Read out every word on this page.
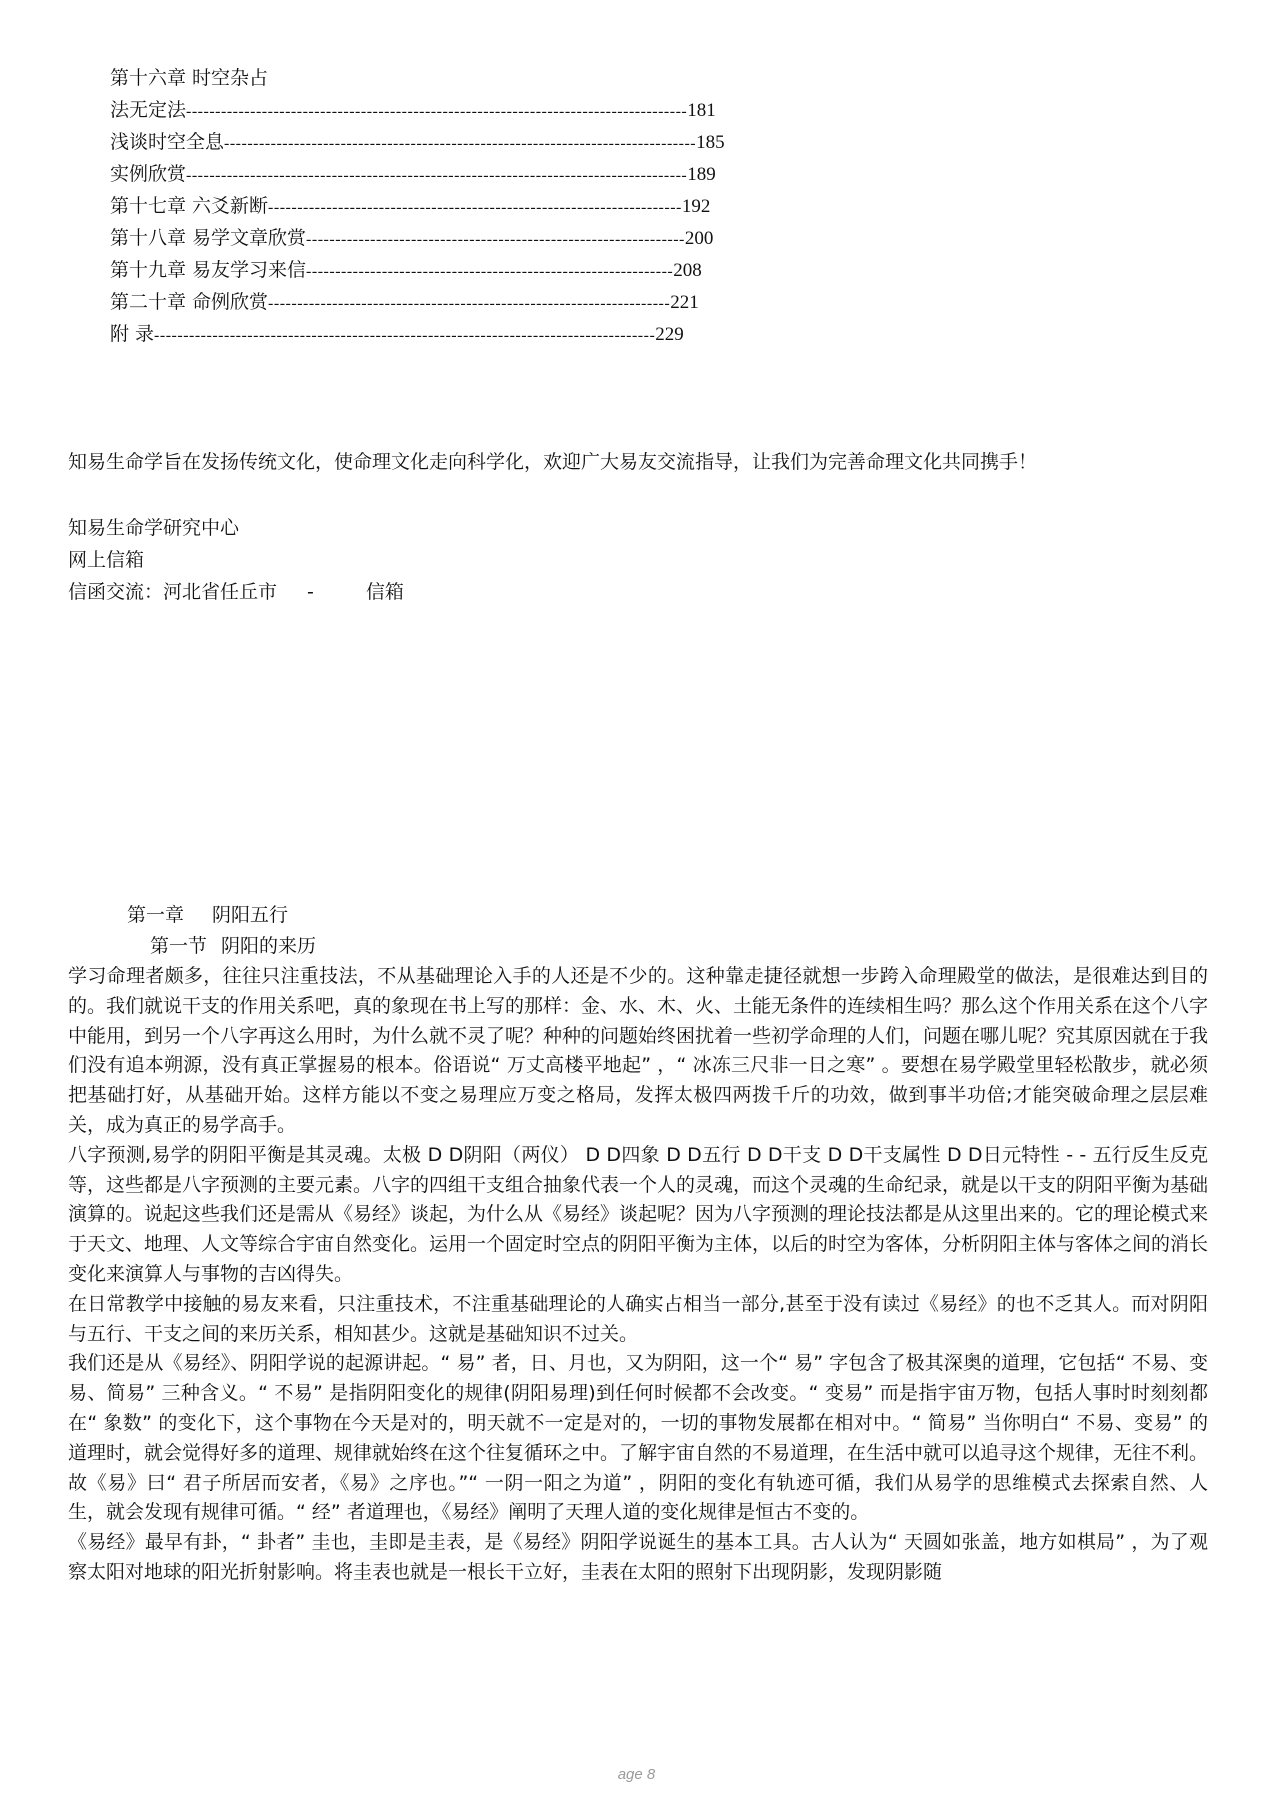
第十六章 时空杂占
法无定法 -------------------------------------------------------------------------------------- 181
浅谈时空全息 --------------------------------------------------------------------------------- 185
实例欣赏 -------------------------------------------------------------------------------------- 189
第十七章 六爻新断 ----------------------------------------------------------------------- 192
第十八章 易学文章欣赏 ----------------------------------------------------------------- 200
第十九章 易友学习来信 --------------------------------------------------------------- 208
第二十章 命例欣赏 --------------------------------------------------------------------- 221
附 录 -------------------------------------------------------------------------------------- 229
知易生命学旨在发扬传统文化，使命理文化走向科学化，欢迎广大易友交流指导，让我们为完善命理文化共同携手！
知易生命学研究中心
网上信箱
信函交流：河北省任丘市 -	信箱
第一章 阴阳五行
第一节 阴阳的来历

学习命理者颇多，往往只注重技法，不从基础理论入手的人还是不少的。这种靠走捷径就想一步跨入命理殿堂的做法，是很难达到目的的。我们就说干支的作用关系吧，真的象现在书上写的那样：金、水、木、火、土能无条件的连续相生吗？那么这个作用关系在这个八字中能用，到另一个八字再这么用时，为什么就不灵了呢？种种的问题始终困扰着一些初学命理的人们，问题在哪儿呢？究其原因就在于我们没有追本朔源，没有真正掌握易的根本。俗语说“ 万丈高楼平地起” ，“ 冰冻三尺非一日之寒” 。要想在易学殿堂里轻松散步，就必须把基础打好，从基础开始。这样方能以不变之易理应万变之格局，发挥太极四两拨千斤的功效，做到事半功倍;才能突破命理之层层难关，成为真正的易学高手。

八字预测,易学的阴阳平衡是其灵魂。太极 D D阴阳（两仪） D D四象 D D五行 D D干支 D D干支属性 D D日元特性 - - 五行反生反克等，这些都是八字预测的主要元素。八字的四组干支组合抽象代表一个人的灵魂，而这个灵魂的生命纪录，就是以干支的阴阳平衡为基础演算的。说起这些我们还是需从《易经》谈起，为什么从《易经》谈起呢？因为八字预测的理论技法都是从这里出来的。它的理论模式来于天文、地理、人文等综合宇宙自然变化。运用一个固定时空点的阴阳平衡为主体，以后的时空为客体，分析阴阳主体与客体之间的消长变化来演算人与事物的吉凶得失。

在日常教学中接触的易友来看，只注重技术，不注重基础理论的人确实占相当一部分,甚至于没有读过《易经》的也不乏其人。而对阴阳与五行、干支之间的来历关系，相知甚少。这就是基础知识不过关。

我们还是从《易经》、阴阳学说的起源讲起。“ 易” 者，日、月也，又为阴阳，这一个“ 易” 字包含了极其深奥的道理，它包括“ 不易、变易、简易” 三种含义。“ 不易” 是指阴阳变化的规律(阴阳易理)到任何时候都不会改变。“ 变易” 而是指宇宙万物，包括人事时时刻刻都在“ 象数” 的变化下，这个事物在今天是对的，明天就不一定是对的，一切的事物发展都在相对中。“ 简易” 当你明白“ 不易、变易” 的道理时，就会觉得好多的道理、规律就始终在这个往复循环之中。了解宇宙自然的不易道理，在生活中就可以追寻这个规律，无往不利。故《易》曰“ 君子所居而安者，《易》之序也。”“ 一阴一阳之为道” ，阴阳的变化有轨迹可循，我们从易学的思维模式去探索自然、人生，就会发现有规律可循。“ 经” 者道理也，《易经》阐明了天理人道的变化规律是恒古不变的。

《易经》最早有卦，“ 卦者” 圭也，圭即是圭表，是《易经》阴阳学说诞生的基本工具。古人认为“ 天圆如张盖，地方如棋局” ，为了观察太阳对地球的阳光折射影响。将圭表也就是一根长干立好，圭表在太阳的照射下出现阴影，发现阴影随

age 8
